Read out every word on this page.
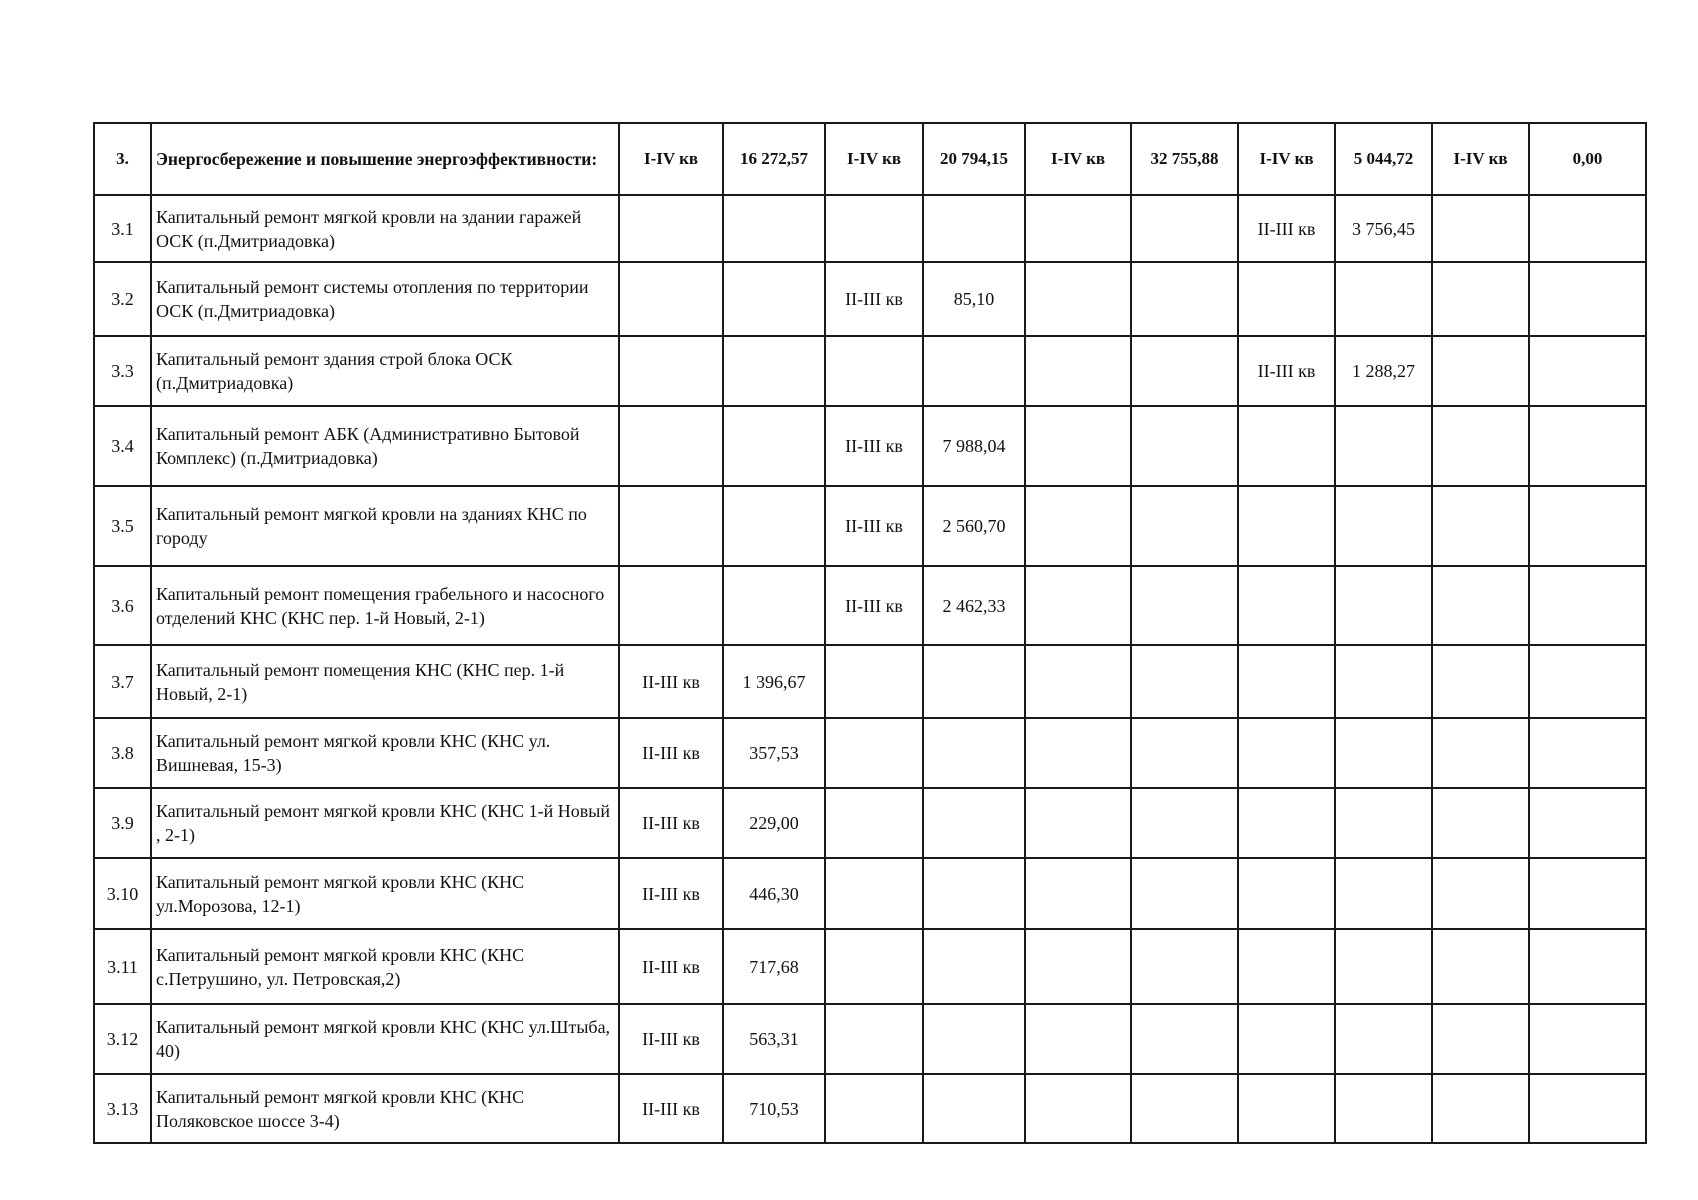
3.	Энергосбережение и повышение энергоэффективности:	I-IV кв	16 272,57	I-IV кв	20 794,15	I-IV кв	32 755,88	I-IV кв	5 044,72	I-IV кв	0,00
3.1	Капитальный ремонт мягкой кровли на здании гаражей ОСК (п.Дмитриадовка)							II-III кв	3 756,45		
3.2	Капитальный ремонт системы отопления по территории ОСК (п.Дмитриадовка)			II-III кв	85,10						
3.3	Капитальный ремонт здания строй блока ОСК (п.Дмитриадовка)							II-III кв	1 288,27		
3.4	Капитальный ремонт АБК (Административно Бытовой Комплекс) (п.Дмитриадовка)			II-III кв	7 988,04						
3.5	Капитальный ремонт мягкой кровли на зданиях КНС по городу			II-III кв	2 560,70						
3.6	Капитальный ремонт помещения грабельного и насосного отделений КНС (КНС пер. 1-й Новый, 2-1)			II-III кв	2 462,33						
3.7	Капитальный ремонт помещения КНС (КНС пер. 1-й Новый, 2-1)	II-III кв	1 396,67								
3.8	Капитальный ремонт мягкой кровли КНС (КНС ул. Вишневая, 15-3)	II-III кв	357,53								
3.9	Капитальный ремонт мягкой кровли КНС (КНС 1-й Новый , 2-1)	II-III кв	229,00								
3.10	Капитальный ремонт мягкой кровли КНС (КНС ул.Морозова, 12-1)	II-III кв	446,30								
3.11	Капитальный ремонт мягкой кровли КНС (КНС с.Петрушино, ул. Петровская,2)	II-III кв	717,68								
3.12	Капитальный ремонт мягкой кровли КНС (КНС ул.Штыба, 40)	II-III кв	563,31								
3.13	Капитальный ремонт мягкой кровли КНС (КНС Поляковское шоссе 3-4)	II-III кв	710,53								
